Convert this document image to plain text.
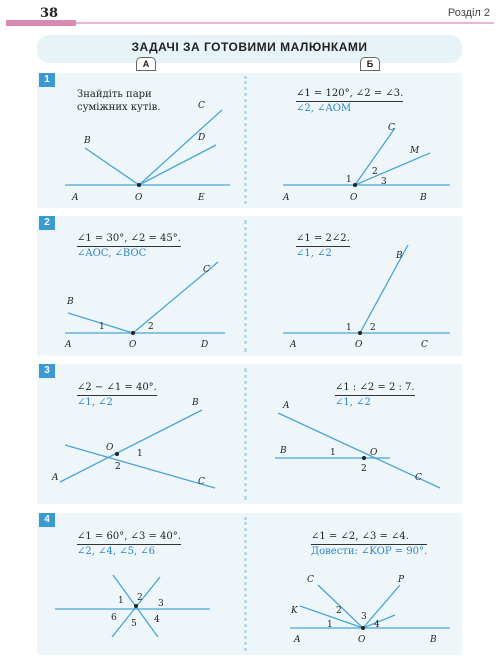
38	Розділ 2
ЗАДАЧІ ЗА ГОТОВИМИ МАЛЮНКАМИ
А	Б
1
2
3
4
Знайдіть пари
суміжних кутів.
∠1 = 120°, ∠2 = ∠3.
∠2, ∠AOM
∠1 = 30°, ∠2 = 45°.
∠AOC, ∠BOC
∠1 = 2∠2.
∠1, ∠2
∠2 − ∠1 = 40°.
∠1, ∠2
∠1 : ∠2 = 2 : 7.
∠1, ∠2
∠1 = 60°, ∠3 = 40°.
∠2, ∠4, ∠5, ∠6
∠1 = ∠2, ∠3 = ∠4.
Довести: ∠KOP = 90°.
A	O	E
B
C
D
A	O	B
C
M
1
2
3
A	O	D
B
C
1	2
A	O	C
B
1 2
A
O
B
C
1
2
A
B	O
C
1
2
1 2
3
4
5
6
A	O	B
C	P
K
1
2
3
4
